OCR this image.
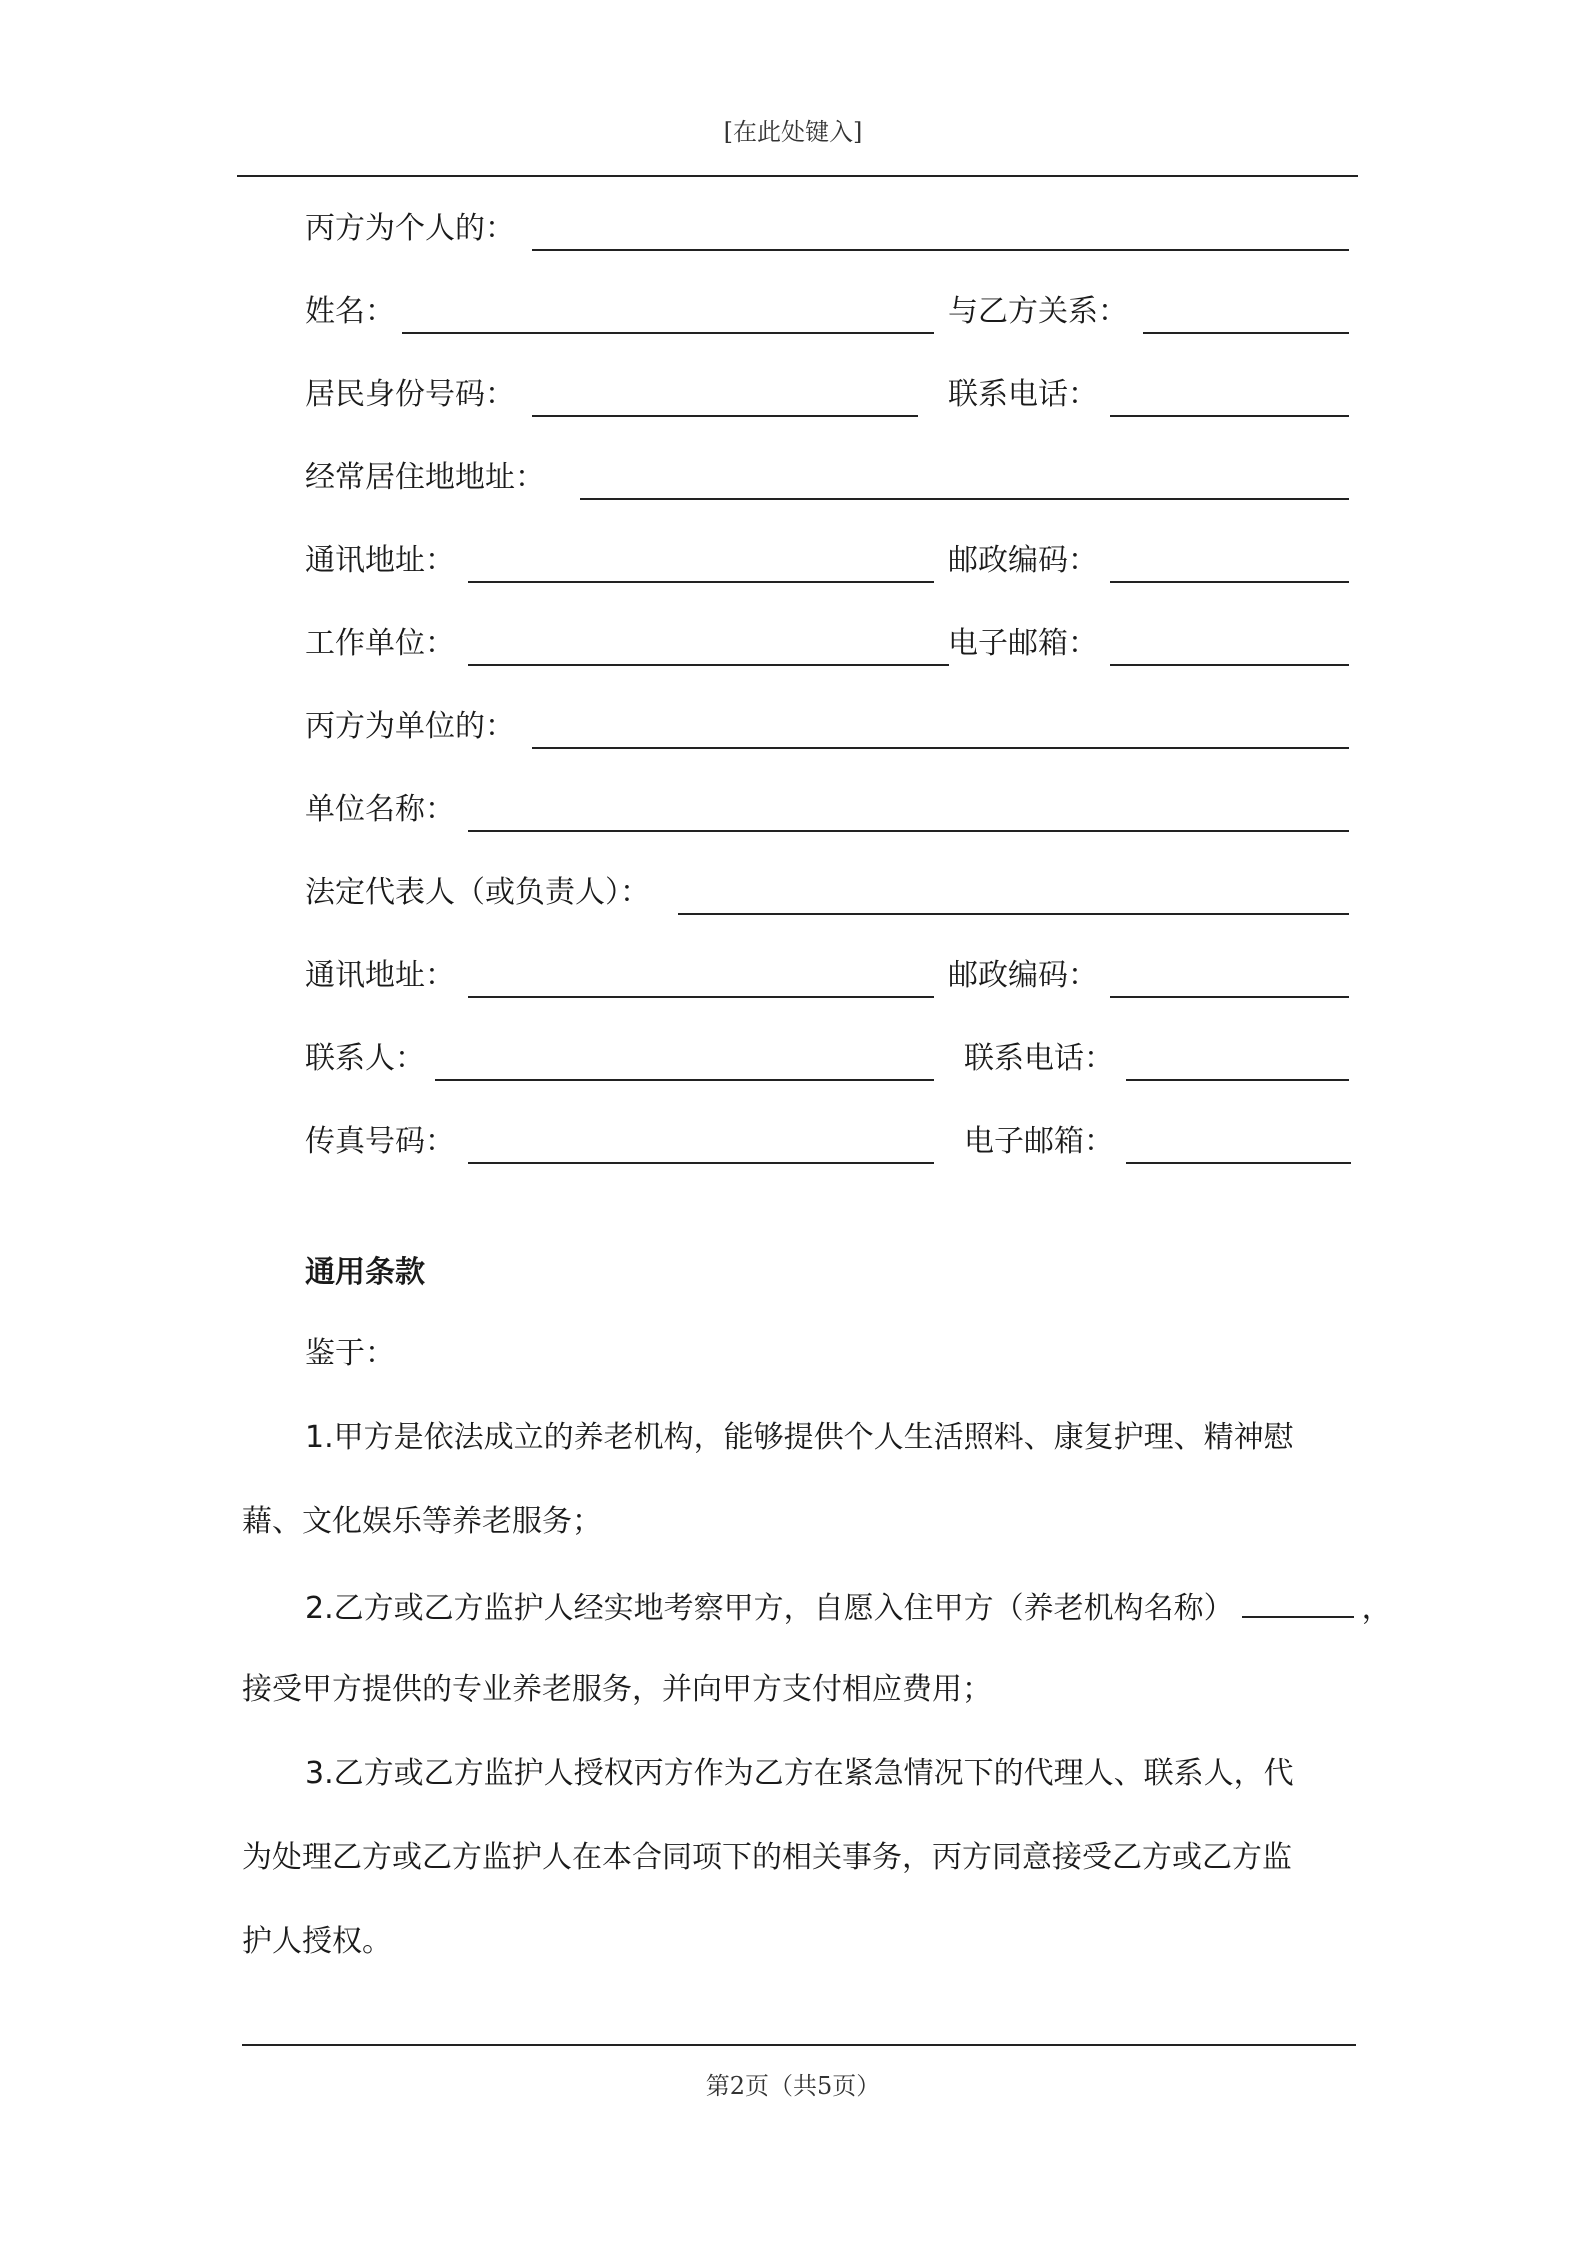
[在此处键入]
丙方为个人的：
姓名：	与乙方关系：
居民身份号码：	联系电话：
经常居住地地址：
通讯地址：	邮政编码：
工作单位：	电子邮箱：
丙方为单位的：
单位名称：
法定代表人（或负责人）：
通讯地址：	邮政编码：
联系人：	联系电话：
传真号码：	电子邮箱：
通用条款
鉴于：
1.甲方是依法成立的养老机构，能够提供个人生活照料、康复护理、精神慰
藉、文化娱乐等养老服务；
2.乙方或乙方监护人经实地考察甲方，自愿入住甲方（养老机构名称）	，
接受甲方提供的专业养老服务，并向甲方支付相应费用；
3.乙方或乙方监护人授权丙方作为乙方在紧急情况下的代理人、联系人，代
为处理乙方或乙方监护人在本合同项下的相关事务，丙方同意接受乙方或乙方监
护人授权。
第2页（共5页）
